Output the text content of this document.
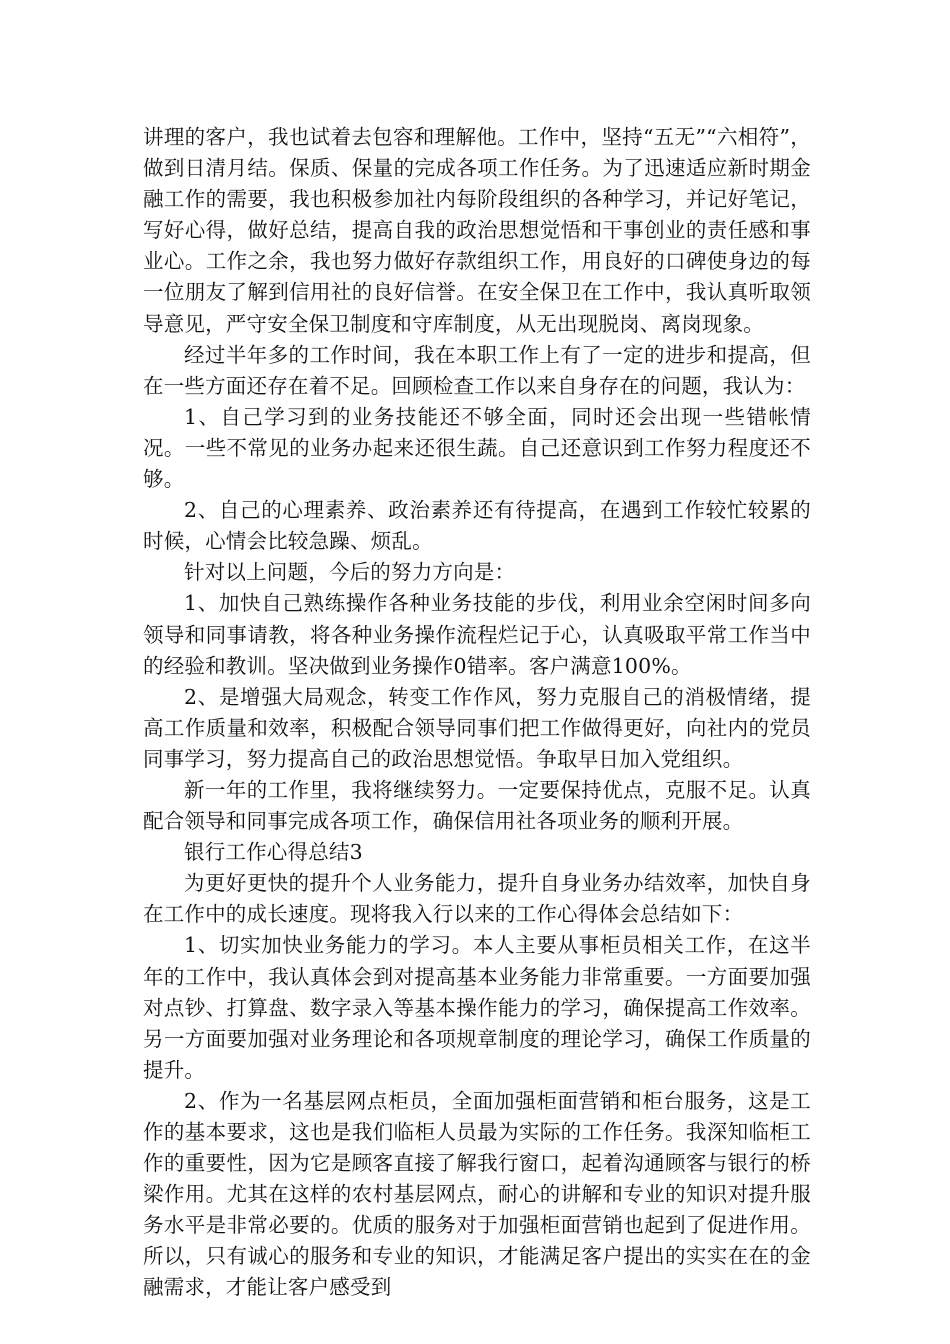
讲理的客户，我也试着去包容和理解他。工作中，坚持“五无”“六相符”，做到日清月结。保质、保量的完成各项工作任务。为了迅速适应新时期金融工作的需要，我也积极参加社内每阶段组织的各种学习，并记好笔记，写好心得，做好总结，提高自我的政治思想觉悟和干事创业的责任感和事业心。工作之余，我也努力做好存款组织工作，用良好的口碑使身边的每一位朋友了解到信用社的良好信誉。在安全保卫在工作中，我认真听取领导意见，严守安全保卫制度和守库制度，从无出现脱岗、离岗现象。

经过半年多的工作时间，我在本职工作上有了一定的进步和提高，但在一些方面还存在着不足。回顾检查工作以来自身存在的问题，我认为：

1、自己学习到的业务技能还不够全面，同时还会出现一些错帐情况。一些不常见的业务办起来还很生蔬。自己还意识到工作努力程度还不够。

2、自己的心理素养、政治素养还有待提高，在遇到工作较忙较累的时候，心情会比较急躁、烦乱。

针对以上问题，今后的努力方向是：

1、加快自己熟练操作各种业务技能的步伐，利用业余空闲时间多向领导和同事请教，将各种业务操作流程烂记于心，认真吸取平常工作当中的经验和教训。坚决做到业务操作0错率。客户满意100%。

2、是增强大局观念，转变工作作风，努力克服自己的消极情绪，提高工作质量和效率，积极配合领导同事们把工作做得更好，向社内的党员同事学习，努力提高自己的政治思想觉悟。争取早日加入党组织。

新一年的工作里，我将继续努力。一定要保持优点，克服不足。认真配合领导和同事完成各项工作，确保信用社各项业务的顺利开展。

银行工作心得总结3

为更好更快的提升个人业务能力，提升自身业务办结效率，加快自身在工作中的成长速度。现将我入行以来的工作心得体会总结如下：

1、切实加快业务能力的学习。本人主要从事柜员相关工作，在这半年的工作中，我认真体会到对提高基本业务能力非常重要。一方面要加强对点钞、打算盘、数字录入等基本操作能力的学习，确保提高工作效率。另一方面要加强对业务理论和各项规章制度的理论学习，确保工作质量的提升。

2、作为一名基层网点柜员，全面加强柜面营销和柜台服务，这是工作的基本要求，这也是我们临柜人员最为实际的工作任务。我深知临柜工作的重要性，因为它是顾客直接了解我行窗口，起着沟通顾客与银行的桥梁作用。尤其在这样的农村基层网点，耐心的讲解和专业的知识对提升服务水平是非常必要的。优质的服务对于加强柜面营销也起到了促进作用。所以，只有诚心的服务和专业的知识，才能满足客户提出的实实在在的金融需求，才能让客户感受到
